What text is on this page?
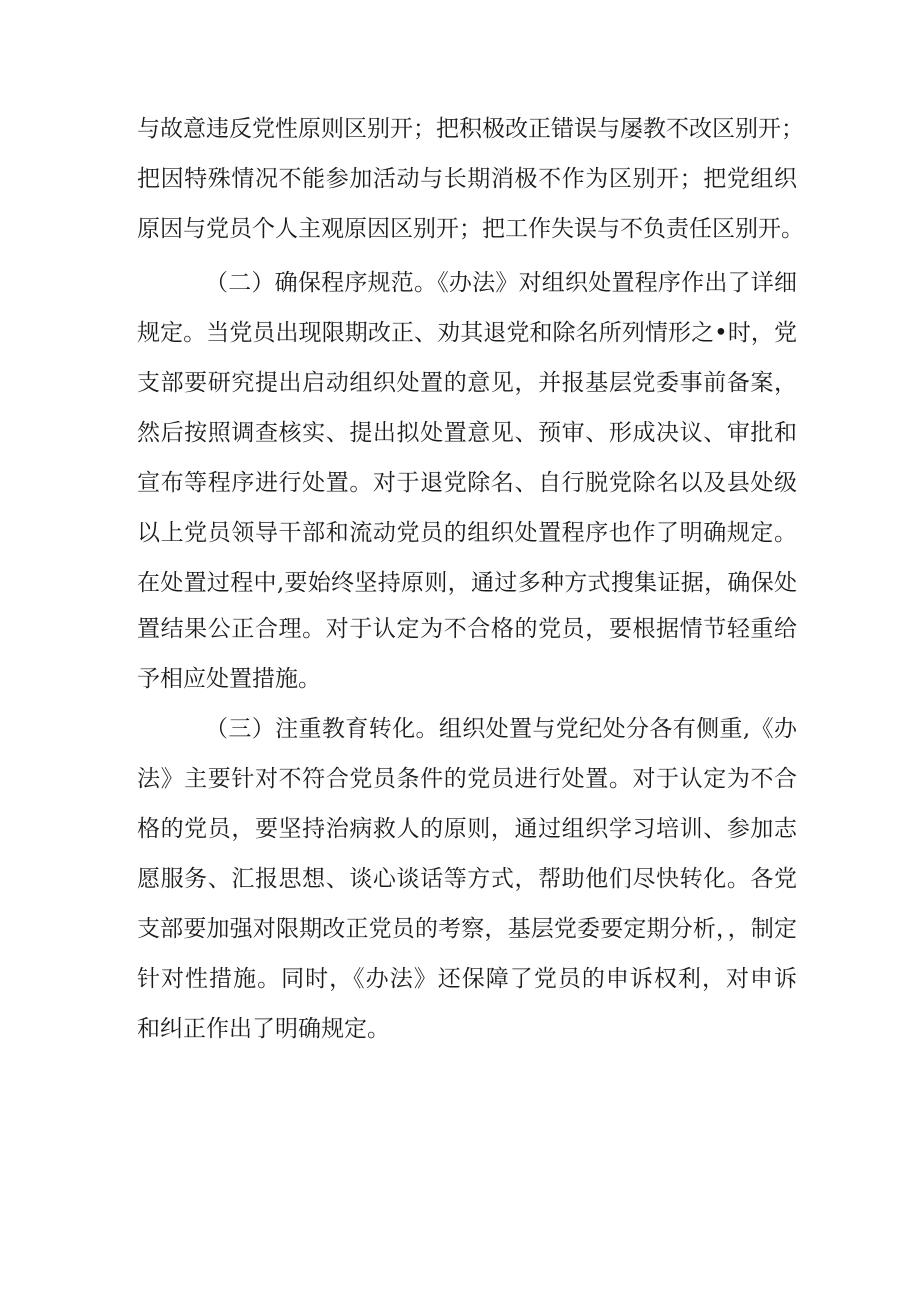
与故意违反党性原则区别开；把积极改正错误与屡教不改区别开；
把因特殊情况不能参加活动与长期消极不作为区别开；把党组织
原因与党员个人主观原因区别开；把工作失误与不负责任区别开。
（二）确保程序规范。《办法》对组织处置程序作出了详细
规定。当党员出现限期改正、劝其退党和除名所列情形之•时，党
支部要研究提出启动组织处置的意见，并报基层党委事前备案，
然后按照调查核实、提出拟处置意见、预审、形成决议、审批和
宣布等程序进行处置。对于退党除名、自行脱党除名以及县处级
以上党员领导干部和流动党员的组织处置程序也作了明确规定。
在处置过程中,要始终坚持原则，通过多种方式搜集证据，确保处
置结果公正合理。对于认定为不合格的党员，要根据情节轻重给
予相应处置措施。
（三）注重教育转化。组织处置与党纪处分各有侧重,《办
法》主要针对不符合党员条件的党员进行处置。对于认定为不合
格的党员，要坚持治病救人的原则，通过组织学习培训、参加志
愿服务、汇报思想、谈心谈话等方式，帮助他们尽快转化。各党
支部要加强对限期改正党员的考察，基层党委要定期分析，，制定
针对性措施。同时，《办法》还保障了党员的申诉权利，对申诉
和纠正作出了明确规定。
